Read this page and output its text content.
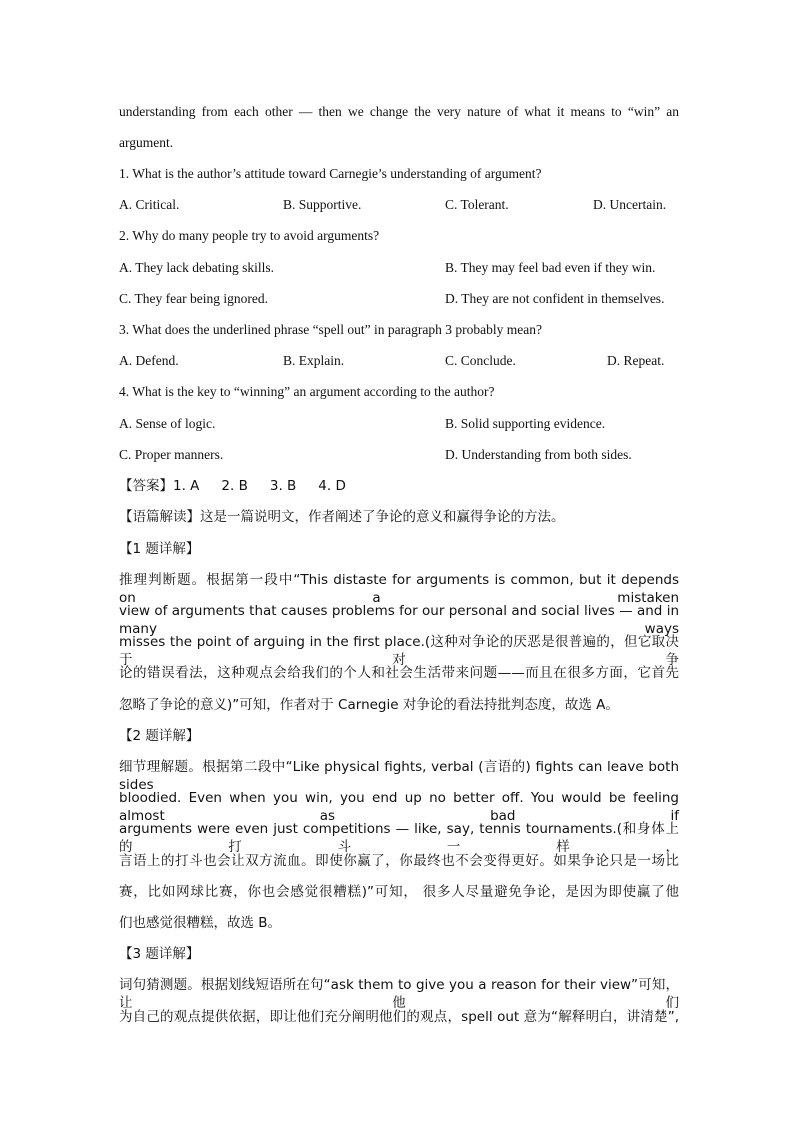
understanding from each other — then we change the very nature of what it means to “win” an
argument.
1. What is the author’s attitude toward Carnegie’s understanding of argument?
A. Critical.	B. Supportive.	C. Tolerant.	D. Uncertain.
2. Why do many people try to avoid arguments?
A. They lack debating skills.	B. They may feel bad even if they win.
C. They fear being ignored.	D. They are not confident in themselves.
3. What does the underlined phrase “spell out” in paragraph 3 probably mean?
A. Defend.	B. Explain.	C. Conclude.	D. Repeat.
4. What is the key to “winning” an argument according to the author?
A. Sense of logic.	B. Solid supporting evidence.
C. Proper manners.	D. Understanding from both sides.
【答案】1. A 2. B 3. B 4. D
【语篇解读】这是一篇说明文，作者阐述了争论的意义和赢得争论的方法。
【1 题详解】
推理判断题。根据第一段中“This distaste for arguments is common, but it depends on a mistaken
view of arguments that causes problems for our personal and social lives — and in many ways
misses the point of arguing in the first place.(这种对争论的厌恶是很普遍的，但它取决于对争
论的错误看法，这种观点会给我们的个人和社会生活带来问题——而且在很多方面，它首先
忽略了争论的意义)”可知，作者对于 Carnegie 对争论的看法持批判态度，故选 A。
【2 题详解】
细节理解题。根据第二段中“Like physical fights, verbal (言语的) fights can leave both sides
bloodied. Even when you win, you end up no better off. You would be feeling almost as bad if
arguments were even just competitions — like, say, tennis tournaments.(和身体上的打斗一样，
言语上的打斗也会让双方流血。即使你赢了，你最终也不会变得更好。如果争论只是一场比
赛，比如网球比赛，你也会感觉很糟糕)”可知， 很多人尽量避免争论，是因为即使赢了他
们也感觉很糟糕，故选 B。
【3 题详解】
词句猜测题。根据划线短语所在句“ask them to give you a reason for their view”可知，让他们
为自己的观点提供依据，即让他们充分阐明他们的观点，spell out 意为“解释明白，讲清楚”,
